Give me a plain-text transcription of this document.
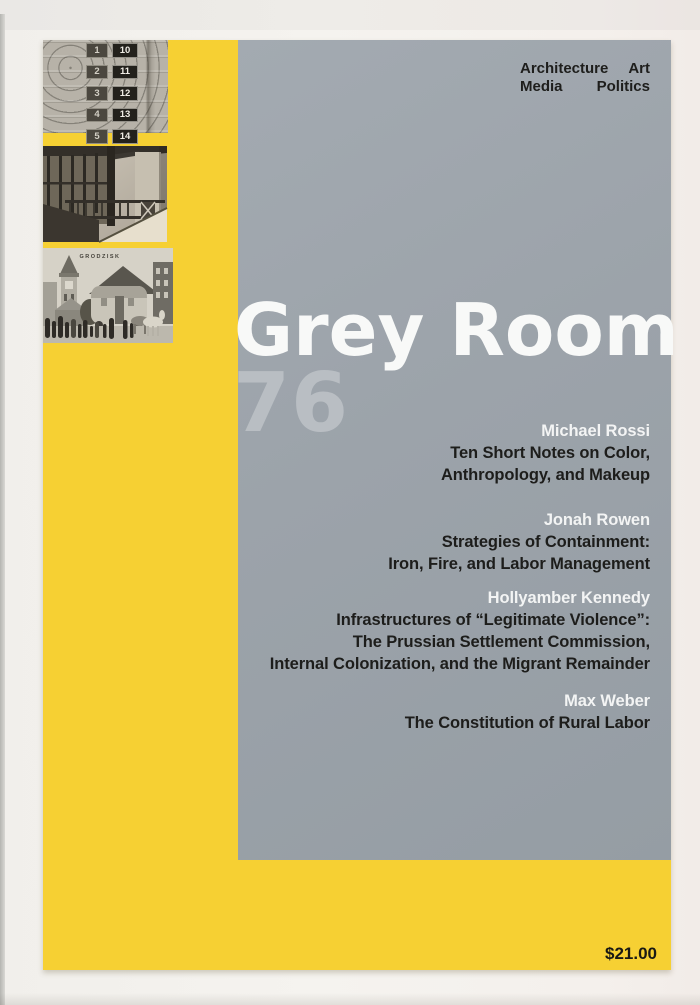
1	10
2	11
3	12
4	13
5	14
GRODZISK
Architecture Art
Media Politics
Grey Room
76	Michael Rossi
Ten Short Notes on Color,
Anthropology, and Makeup
Jonah Rowen
Strategies of Containment:
Iron, Fire, and Labor Management
Hollyamber Kennedy
Infrastructures of “Legitimate Violence”:
The Prussian Settlement Commission,
Internal Colonization, and the Migrant Remainder
Max Weber
The Constitution of Rural Labor
$21.00
